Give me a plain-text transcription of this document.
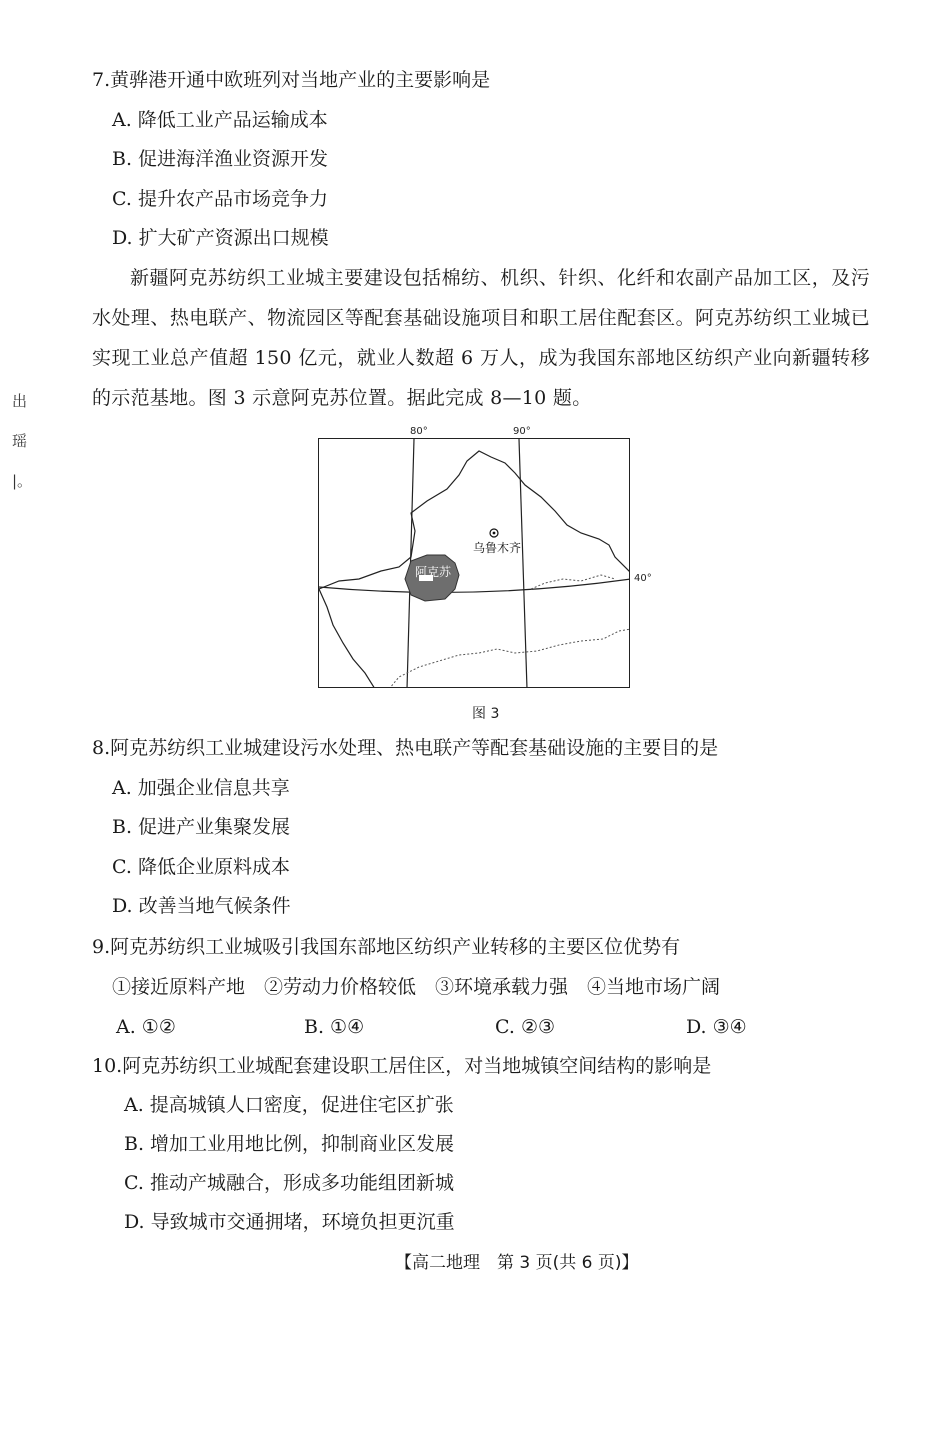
出
瑶
|。
7.黄骅港开通中欧班列对当地产业的主要影响是
A. 降低工业产品运输成本
B. 促进海洋渔业资源开发
C. 提升农产品市场竞争力
D. 扩大矿产资源出口规模
新疆阿克苏纺织工业城主要建设包括棉纺、机织、针织、化纤和农副产品加工区，及污水处理、热电联产、物流园区等配套基础设施项目和职工居住配套区。阿克苏纺织工业城已实现工业总产值超 150 亿元，就业人数超 6 万人，成为我国东部地区纺织产业向新疆转移的示范基地。图 3 示意阿克苏位置。据此完成 8—10 题。
80°	90°
乌鲁木齐
阿克苏	40°
图 3
8.阿克苏纺织工业城建设污水处理、热电联产等配套基础设施的主要目的是
A. 加强企业信息共享
B. 促进产业集聚发展
C. 降低企业原料成本
D. 改善当地气候条件
9.阿克苏纺织工业城吸引我国东部地区纺织产业转移的主要区位优势有
①接近原料产地　②劳动力价格较低　③环境承载力强　④当地市场广阔
A. ①②	B. ①④	C. ②③	D. ③④
10.阿克苏纺织工业城配套建设职工居住区，对当地城镇空间结构的影响是
A. 提高城镇人口密度，促进住宅区扩张
B. 增加工业用地比例，抑制商业区发展
C. 推动产城融合，形成多功能组团新城
D. 导致城市交通拥堵，环境负担更沉重
【高二地理　第 3 页(共 6 页)】
